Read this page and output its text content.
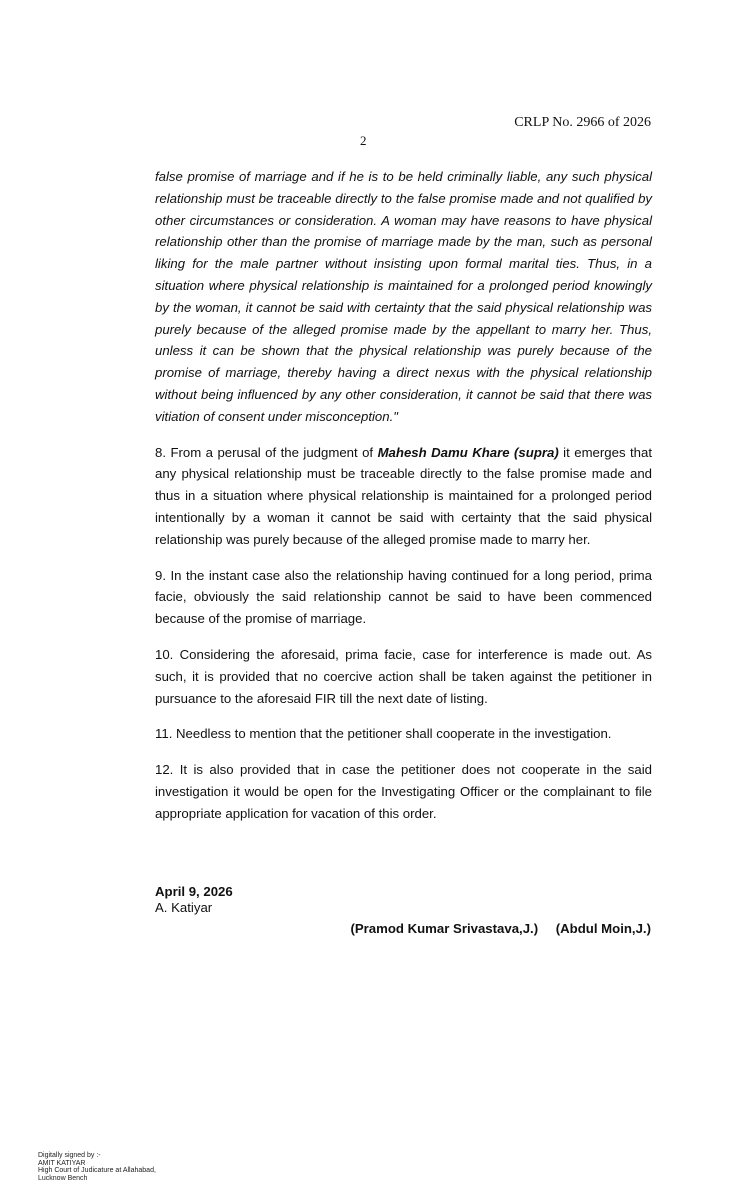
CRLP No. 2966 of 2026
2

false promise of marriage and if he is to be held criminally liable, any such physical relationship must be traceable directly to the false promise made and not qualified by other circumstances or consideration. A woman may have reasons to have physical relationship other than the promise of marriage made by the man, such as personal liking for the male partner without insisting upon formal marital ties. Thus, in a situation where physical relationship is maintained for a prolonged period knowingly by the woman, it cannot be said with certainty that the said physical relationship was purely because of the alleged promise made by the appellant to marry her. Thus, unless it can be shown that the physical relationship was purely because of the promise of marriage, thereby having a direct nexus with the physical relationship without being influenced by any other consideration, it cannot be said that there was vitiation of consent under misconception."

8. From a perusal of the judgment of Mahesh Damu Khare (supra) it emerges that any physical relationship must be traceable directly to the false promise made and thus in a situation where physical relationship is maintained for a prolonged period intentionally by a woman it cannot be said with certainty that the said physical relationship was purely because of the alleged promise made to marry her.

9. In the instant case also the relationship having continued for a long period, prima facie, obviously the said relationship cannot be said to have been commenced because of the promise of marriage.

10. Considering the aforesaid, prima facie, case for interference is made out. As such, it is provided that no coercive action shall be taken against the petitioner in pursuance to the aforesaid FIR till the next date of listing.

11. Needless to mention that the petitioner shall cooperate in the investigation.

12. It is also provided that in case the petitioner does not cooperate in the said investigation it would be open for the Investigating Officer or the complainant to file appropriate application for vacation of this order.

April 9, 2026
A. Katiyar
(Pramod Kumar Srivastava,J.) (Abdul Moin,J.)
Digitally signed by :-
AMIT KATIYAR
High Court of Judicature at Allahabad,
Lucknow Bench
